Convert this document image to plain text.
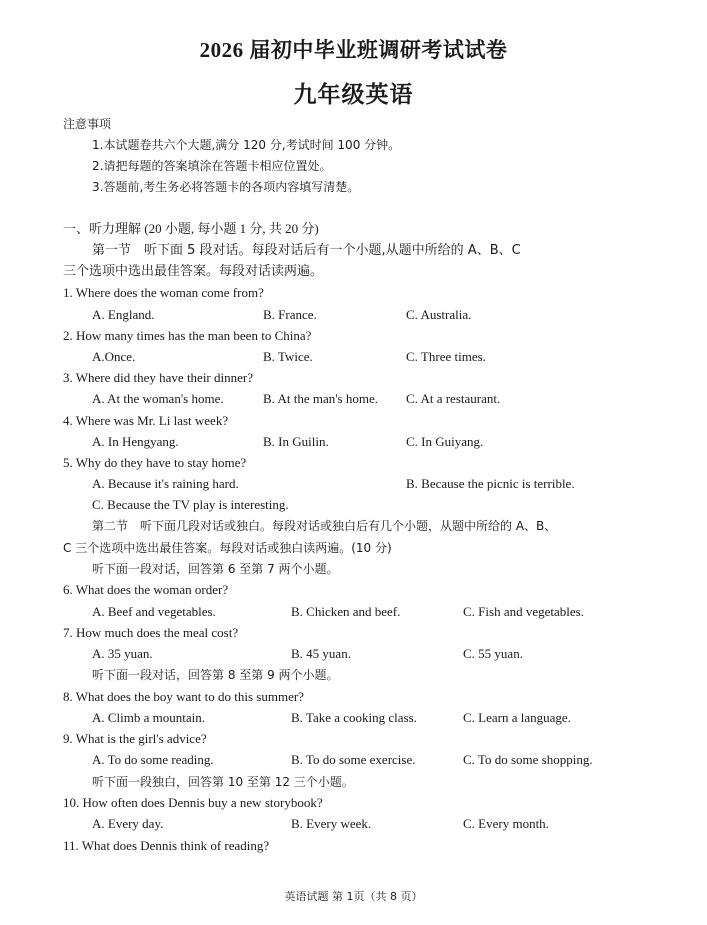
2026 届初中毕业班调研考试试卷
九年级英语
注意事项
1.本试题卷共六个大题,满分 120 分,考试时间 100 分钟。
2.请把每题的答案填涂在答题卡相应位置处。
3.答题前,考生务必将答题卡的各项内容填写清楚。
一、听力理解 (20 小题, 每小题 1 分, 共 20 分)
第一节　听下面 5 段对话。每段对话后有一个小题,从题中所给的 A、B、C
三个选项中选出最佳答案。每段对话读两遍。
1. Where does the woman come from?
A. England.	B. France.	C. Australia.
2. How many times has the man been to China?
A.Once.	B. Twice.	C. Three times.
3. Where did they have their dinner?
A. At the woman's home.	B. At the man's home. C. At a restaurant.
4. Where was Mr. Li last week?
A. In Hengyang.	B. In Guilin.	C. In Guiyang.
5. Why do they have to stay home?
A. Because it's raining hard.	B. Because the picnic is terrible.
C. Because the TV play is interesting.
第二节　听下面几段对话或独白。每段对话或独白后有几个小题，从题中所给的 A、B、
C 三个选项中选出最佳答案。每段对话或独白读两遍。(10 分)
听下面一段对话，回答第 6 至第 7 两个小题。
6. What does the woman order?
A. Beef and vegetables.	B. Chicken and beef.	C. Fish and vegetables.
7. How much does the meal cost?
A. 35 yuan.	B. 45 yuan.	C. 55 yuan.
听下面一段对话，回答第 8 至第 9 两个小题。
8. What does the boy want to do this summer?
A. Climb a mountain.	B. Take a cooking class.	C. Learn a language.
9. What is the girl's advice?
A. To do some reading.	B. To do some exercise.	C. To do some shopping.
听下面一段独白，回答第 10 至第 12 三个小题。
10. How often does Dennis buy a new storybook?
A. Every day.	B. Every week.	C. Every month.
11. What does Dennis think of reading?
英语试题 第 1页（共 8 页）
